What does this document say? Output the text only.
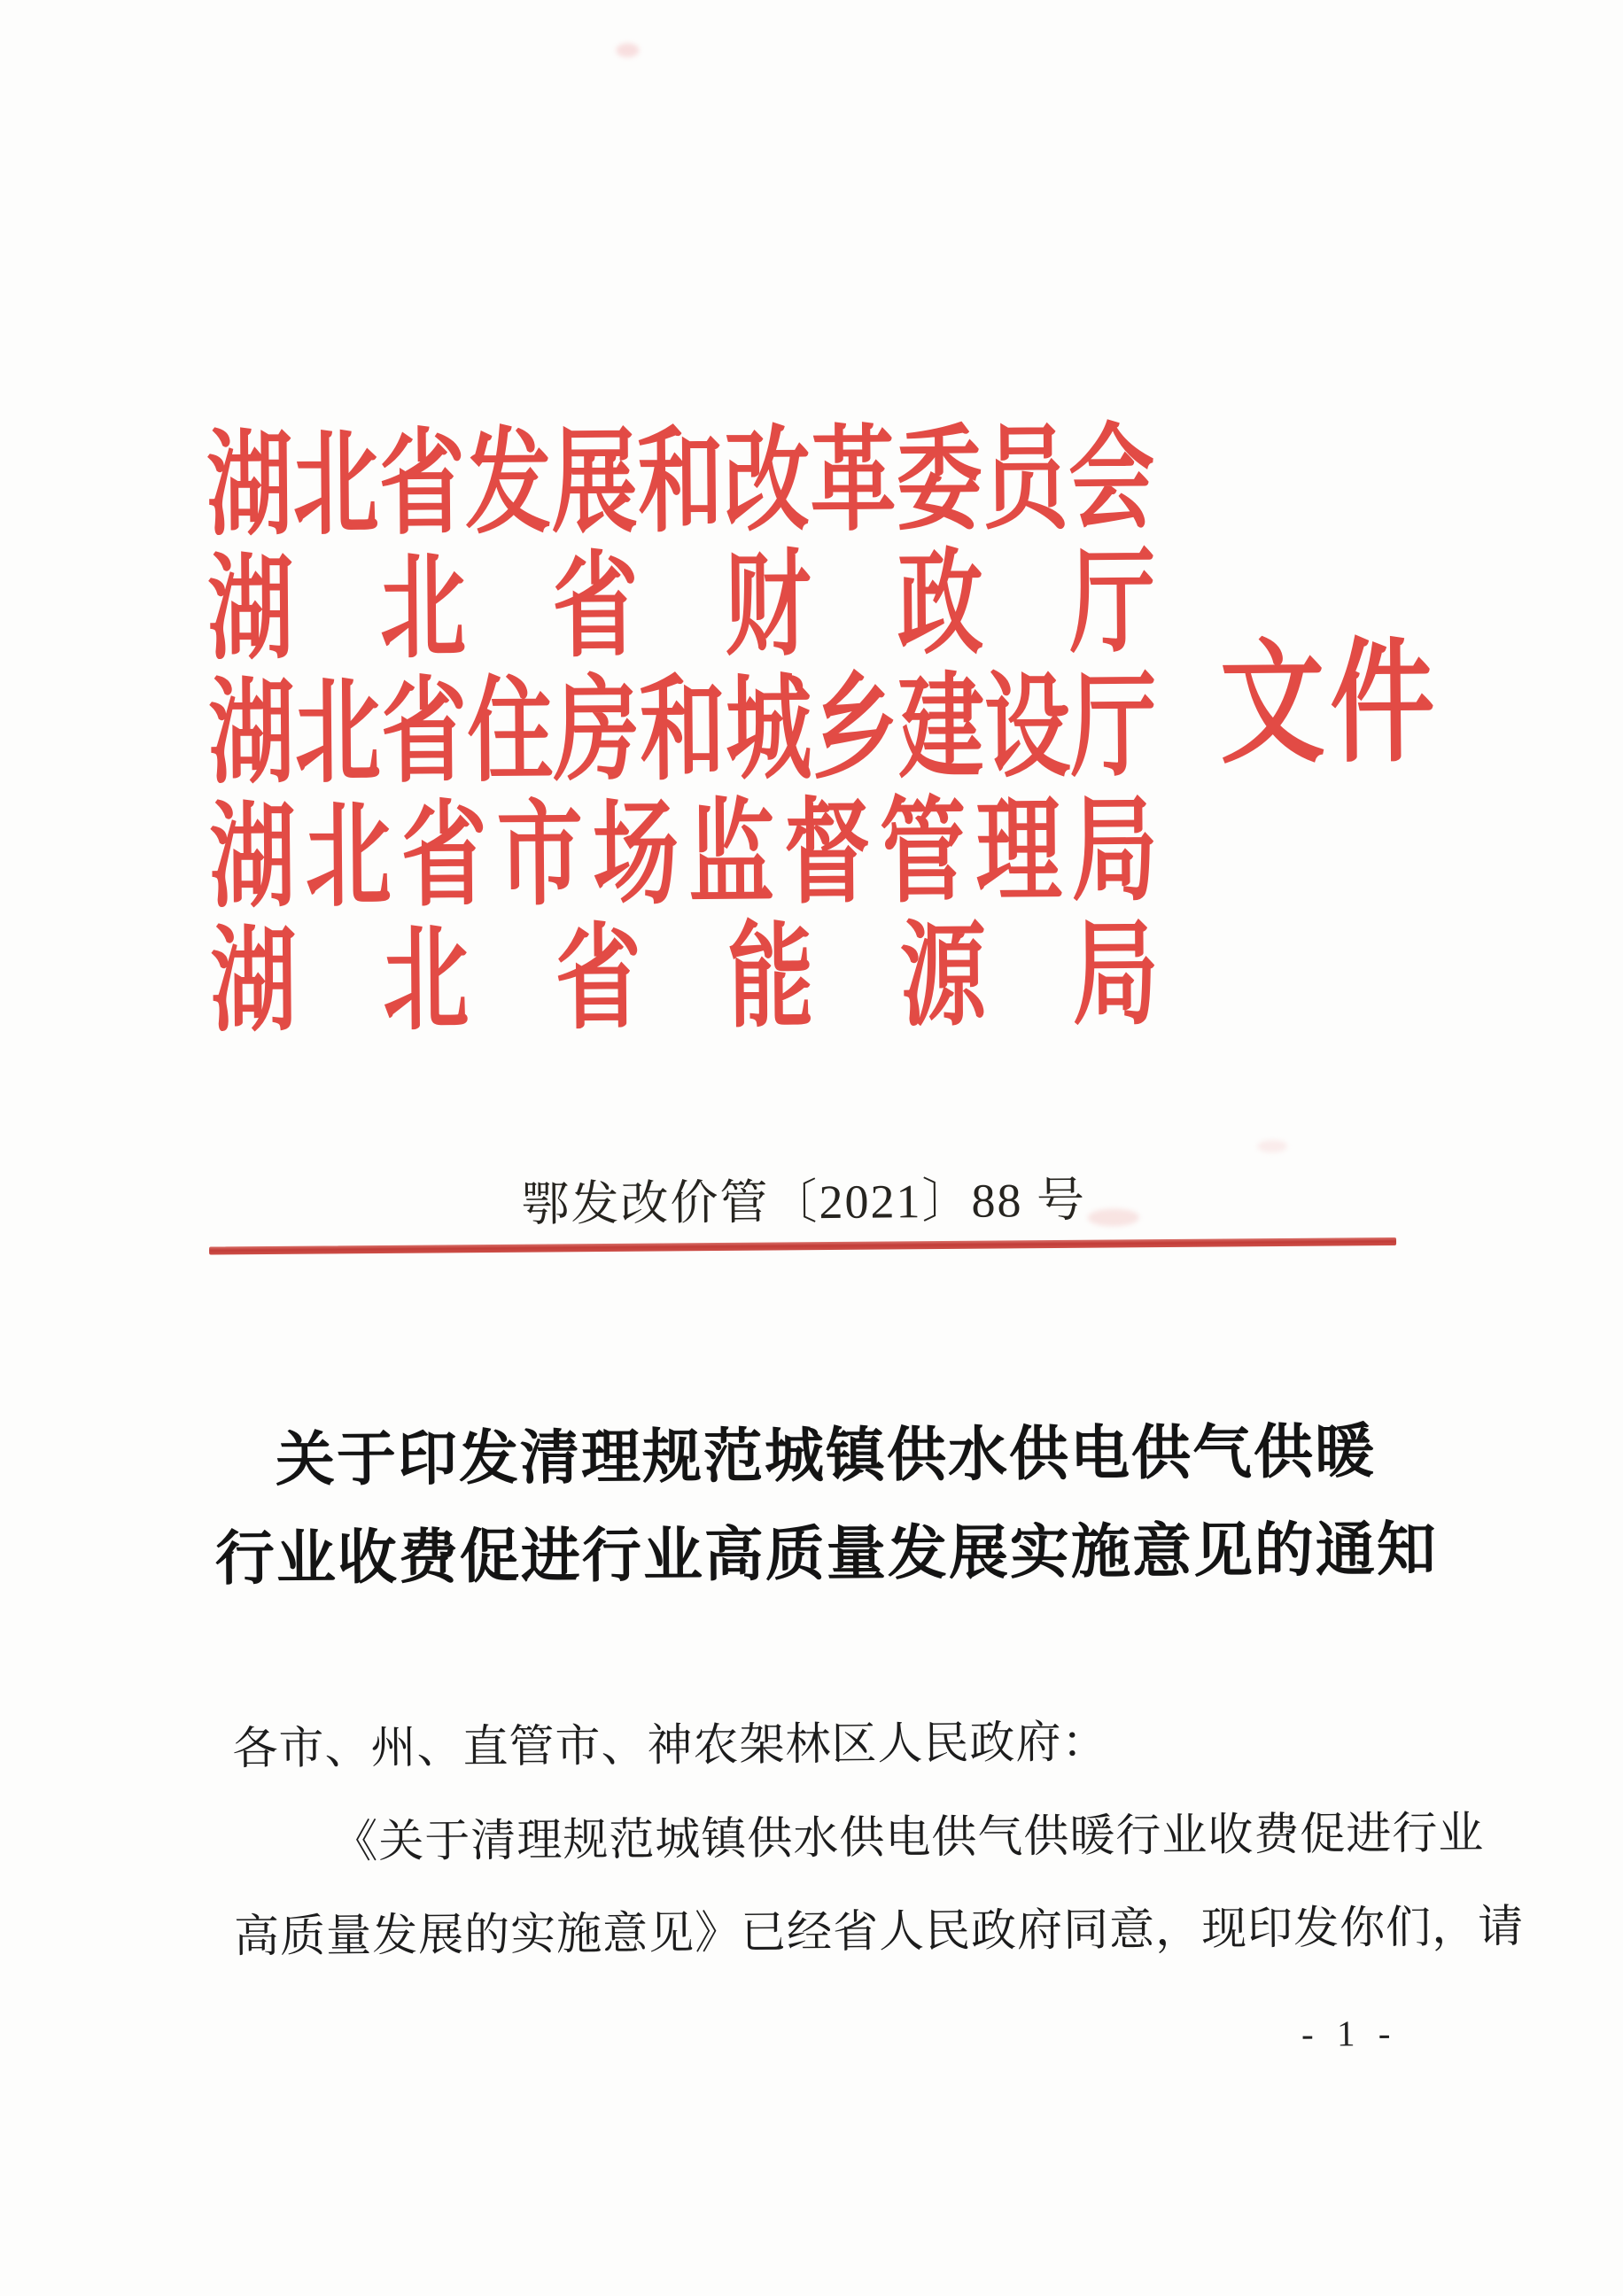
湖 北 省 发 展 和 改 革 委 员 会
湖 北 省 财 政 厅
湖 北 省 住 房 和 城 乡 建 设 厅
湖 北 省 市 场 监 督 管 理 局
湖 北 省 能 源 局
文件
鄂发改价管〔2021〕88 号
关于印发清理规范城镇供水供电供气供暖
行业收费促进行业高质量发展实施意见的通知
各市、州、直管市、神农架林区人民政府：
《关于清理规范城镇供水供电供气供暖行业收费促进行业
高质量发展的实施意见》已经省人民政府同意，现印发你们，请
- 1 -
